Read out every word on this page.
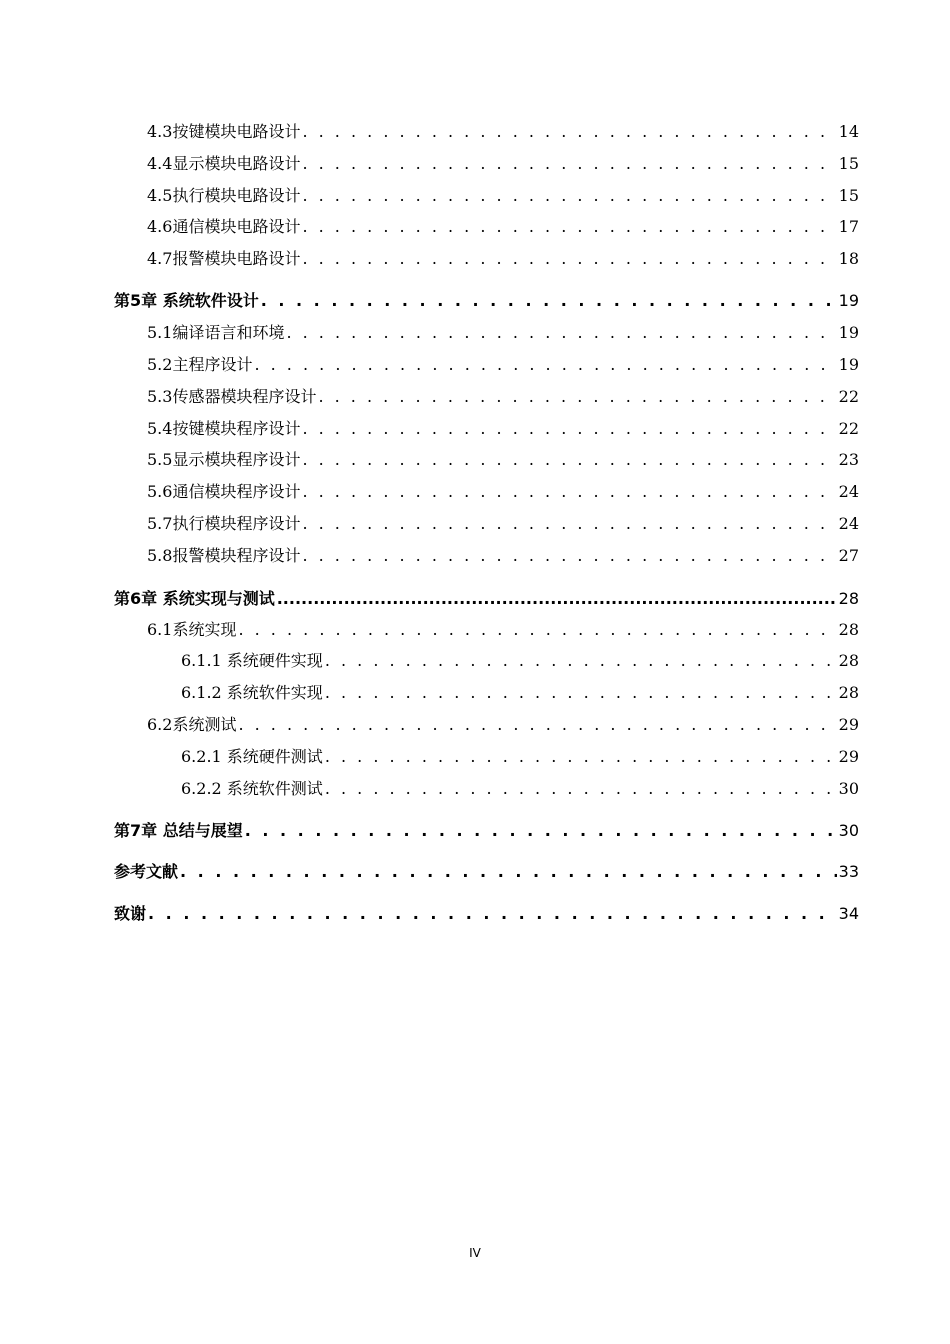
4.3按键模块电路设计 . . .	14
4.4显示模块电路设计 . . .	15
4.5执行模块电路设计 . . .	15
4.6通信模块电路设计 . . .	17
4.7报警模块电路设计 . . .	18
第5章 系统软件设计 . . .	19
5.1编译语言和环境 . . .	19
5.2主程序设计 . . .	19
5.3传感器模块程序设计 . . .	22
5.4按键模块程序设计 . . .	22
5.5显示模块程序设计 . . .	23
5.6通信模块程序设计 . . .	24
5.7执行模块程序设计 . . .	24
5.8报警模块程序设计 . . .	27
第6章 系统实现与测试 .....	28
6.1系统实现 . . .	28
6.1.1 系统硬件实现 . . .	28
6.1.2 系统软件实现 . . .	28
6.2系统测试 . . .	29
6.2.1 系统硬件测试 . . .	29
6.2.2 系统软件测试 . . .	30
第7章 总结与展望 . . .	30
参考文献 . . .	33
致谢 . . .	34
IV
